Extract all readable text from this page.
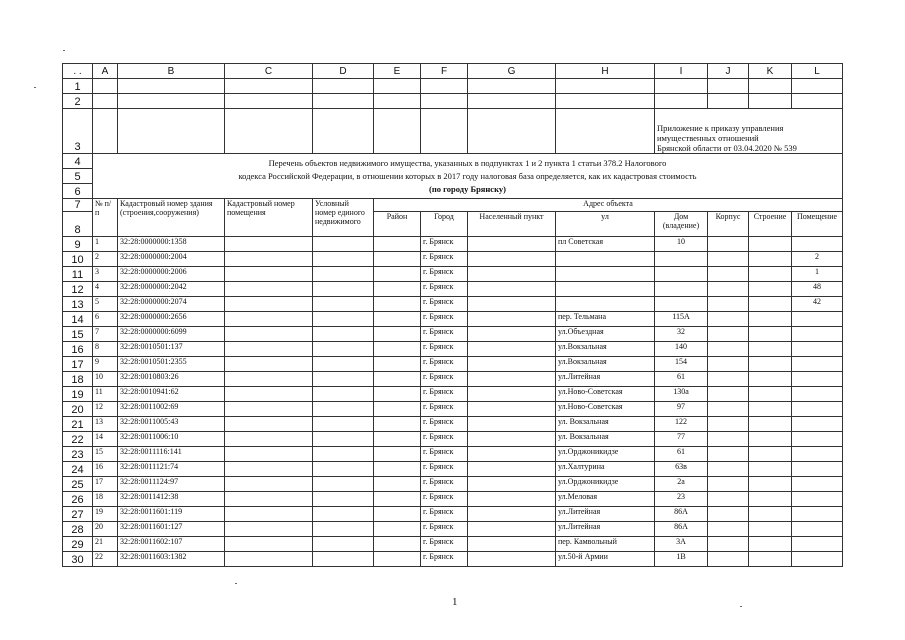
. .	A	B	C	D	E	F	G	H	I	J	K	L
1												
2												
3									Приложение к приказу управления
имущественных отношений
Брянской области от 03.04.2020 № 539			
4	Перечень объектов недвижимого имущества, указанных в подпунктах 1 и 2 пункта 1 статьи 378.2 Налогового
кодекса Российской Федерации, в отношении которых в 2017 году налоговая база определяется, как их кадастровая стоимость
(по городу Брянску)											
5												
6												
7	№ п/п	Кадастровый номер здания (строения,сооружения)	Кадастровый номер помещения	Условный номер единого недвижимого	Адрес объекта							
8					Район	Город	Населенный пункт	ул	Дом (владение)	Корпус	Строение	Помещение
9	1	32:28:0000000:1358				г. Брянск		пл Советская	10			
10	2	32:28:0000000:2004				г. Брянск						2
11	3	32:28:0000000:2006				г. Брянск						1
12	4	32:28:0000000:2042				г. Брянск						48
13	5	32:28:0000000:2074				г. Брянск						42
14	6	32:28:0000000:2656				г. Брянск		пер. Тельмана	115А			
15	7	32:28:0000000:6099				г. Брянск		ул.Объездная	32			
16	8	32:28:0010501:137				г. Брянск		ул.Вокзальная	140			
17	9	32:28:0010501:2355				г. Брянск		ул.Вокзальная	154			
18	10	32:28:0010803:26				г. Брянск		ул.Литейная	61			
19	11	32:28:0010941:62				г. Брянск		ул.Ново-Советская	130а			
20	12	32:28:0011002:69				г. Брянск		ул.Ново-Советская	97			
21	13	32:28:0011005:43				г. Брянск		ул. Вокзальная	122			
22	14	32:28:0011006:10				г. Брянск		ул. Вокзальная	77			
23	15	32:28:0011116:141				г. Брянск		ул.Орджоникидзе	61			
24	16	32:28:0011121:74				г. Брянск		ул.Халтурина	63в			
25	17	32:28:0011124:97				г. Брянск		ул.Орджоникидзе	2а			
26	18	32:28:0011412:38				г. Брянск		ул.Меловая	23			
27	19	32:28:0011601:119				г. Брянск		ул.Литейная	86А			
28	20	32:28:0011601:127				г. Брянск		ул.Литейная	86А			
29	21	32:28:0011602:107				г. Брянск		пер. Камвольный	3А			
30	22	32:28:0011603:1382				г. Брянск		ул.50-й Армии	1В			
1
